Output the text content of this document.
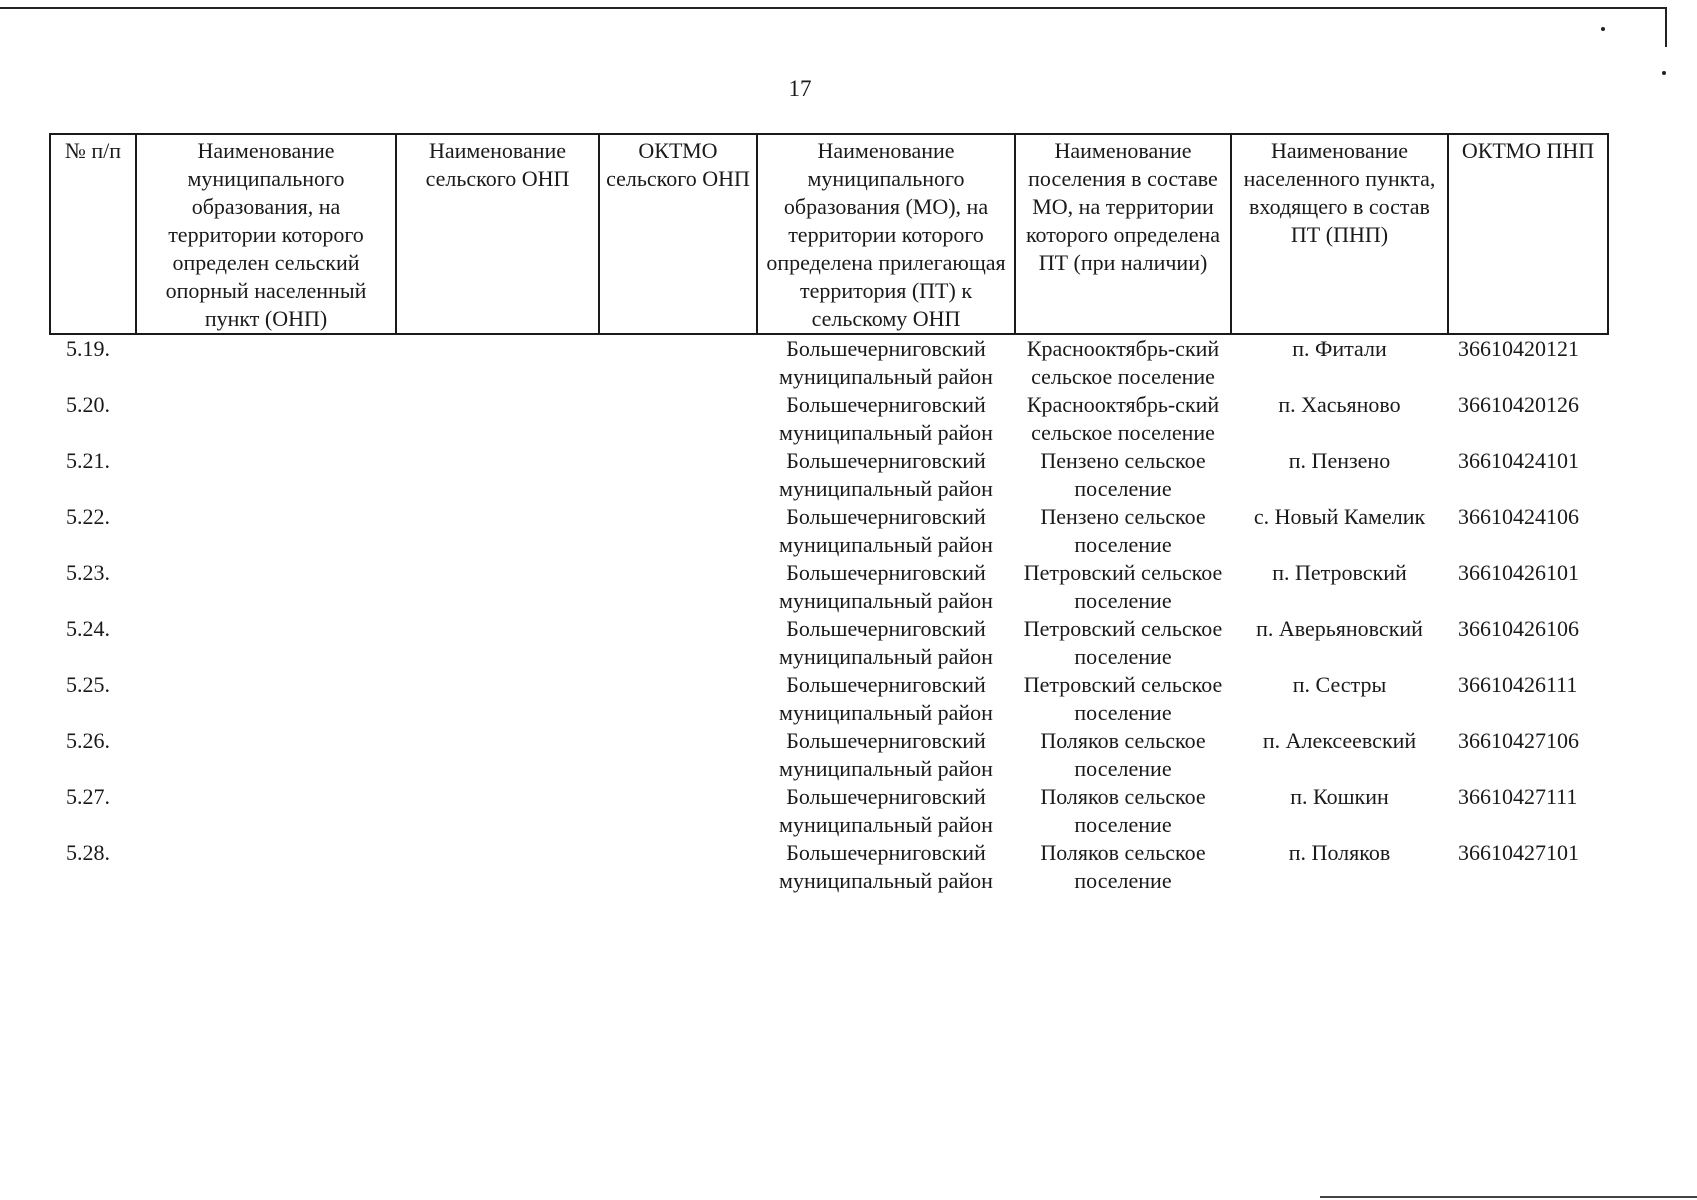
17
№ п/п	Наименование муниципального образования, на территории которого определен сельский опорный населенный пункт (ОНП)	Наименование сельского ОНП	ОКТМО сельского ОНП	Наименование муниципального образования (МО), на территории которого определена прилегающая территория (ПТ) к сельскому ОНП	Наименование поселения в составе МО, на территории которого определена ПТ (при наличии)	Наименование населенного пункта, входящего в состав ПТ (ПНП)	ОКТМО ПНП
5.19.				Большечерниговский муниципальный район	Краснооктябрь-ский сельское поселение	п. Фитали	36610420121
5.20.				Большечерниговский муниципальный район	Краснооктябрь-ский сельское поселение	п. Хасьяново	36610420126
5.21.				Большечерниговский муниципальный район	Пензено сельское поселение	п. Пензено	36610424101
5.22.				Большечерниговский муниципальный район	Пензено сельское поселение	с. Новый Камелик	36610424106
5.23.				Большечерниговский муниципальный район	Петровский сельское поселение	п. Петровский	36610426101
5.24.				Большечерниговский муниципальный район	Петровский сельское поселение	п. Аверьяновский	36610426106
5.25.				Большечерниговский муниципальный район	Петровский сельское поселение	п. Сестры	36610426111
5.26.				Большечерниговский муниципальный район	Поляков сельское поселение	п. Алексеевский	36610427106
5.27.				Большечерниговский муниципальный район	Поляков сельское поселение	п. Кошкин	36610427111
5.28.				Большечерниговский муниципальный район	Поляков сельское поселение	п. Поляков	36610427101
